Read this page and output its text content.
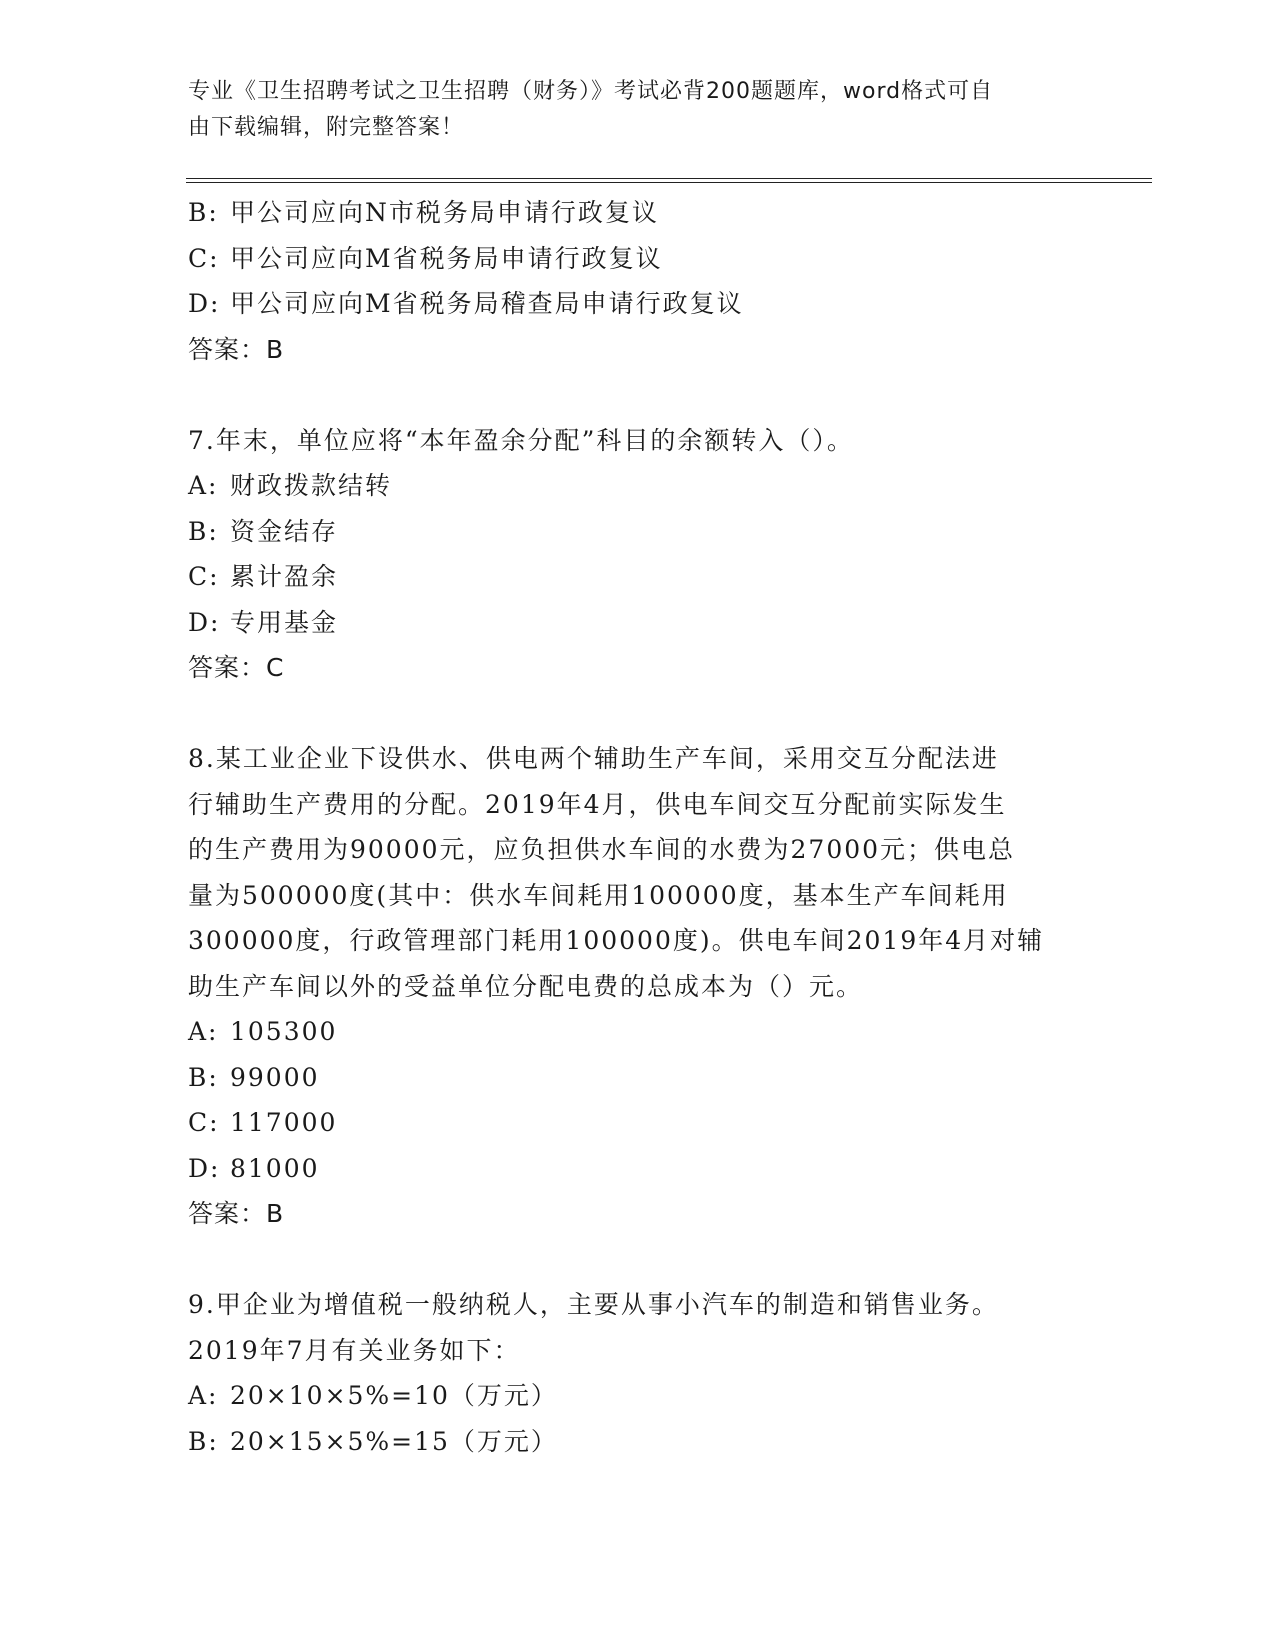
专业《卫生招聘考试之卫生招聘（财务）》考试必背200题题库，word格式可自
由下载编辑，附完整答案！
B: 甲公司应向N市税务局申请行政复议
C: 甲公司应向M省税务局申请行政复议
D: 甲公司应向M省税务局稽查局申请行政复议
答案：B
7.年末，单位应将“本年盈余分配”科目的余额转入（）。
A: 财政拨款结转
B: 资金结存
C: 累计盈余
D: 专用基金
答案：C
8.某工业企业下设供水、供电两个辅助生产车间，采用交互分配法进
行辅助生产费用的分配。2019年4月，供电车间交互分配前实际发生
的生产费用为90000元，应负担供水车间的水费为27000元；供电总
量为500000度(其中：供水车间耗用100000度，基本生产车间耗用
300000度，行政管理部门耗用100000度)。供电车间2019年4月对辅
助生产车间以外的受益单位分配电费的总成本为（）元。
A: 105300
B: 99000
C: 117000
D: 81000
答案：B
9.甲企业为增值税一般纳税人，主要从事小汽车的制造和销售业务。
2019年7月有关业务如下：
A: 20×10×5%=10（万元）
B: 20×15×5%=15（万元）
